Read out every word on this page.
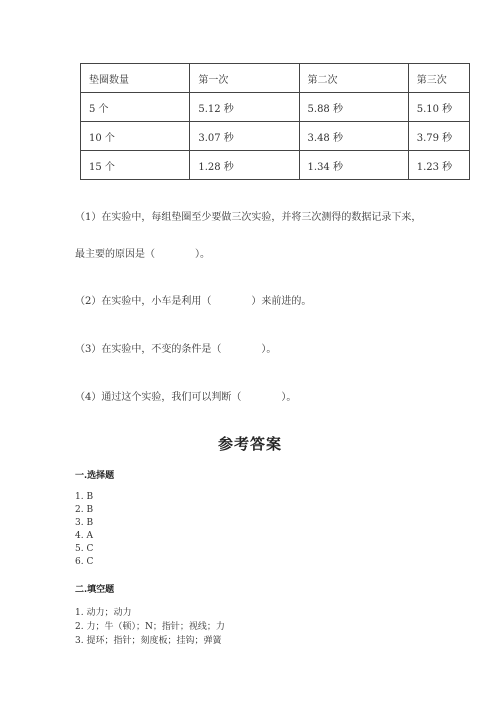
垫圈数量	第一次	第二次	第三次
5 个	5.12 秒	5.88 秒	5.10 秒
10 个	3.07 秒	3.48 秒	3.79 秒
15 个	1.28 秒	1.34 秒	1.23 秒
（1）在实验中，每组垫圈至少要做三次实验，并将三次测得的数据记录下来，
最主要的原因是（　　　　）。
（2）在实验中，小车是利用（　　　　）来前进的。
（3）在实验中，不变的条件是（　　　　）。
（4）通过这个实验，我们可以判断（　　　　）。
参考答案
一.选择题
1. B
2. B
3. B
4. A
5. C
6. C
二.填空题
1. 动力；动力
2. 力；牛（顿）；N；指针；视线；力
3. 提环；指针；刻度板；挂钩；弹簧
